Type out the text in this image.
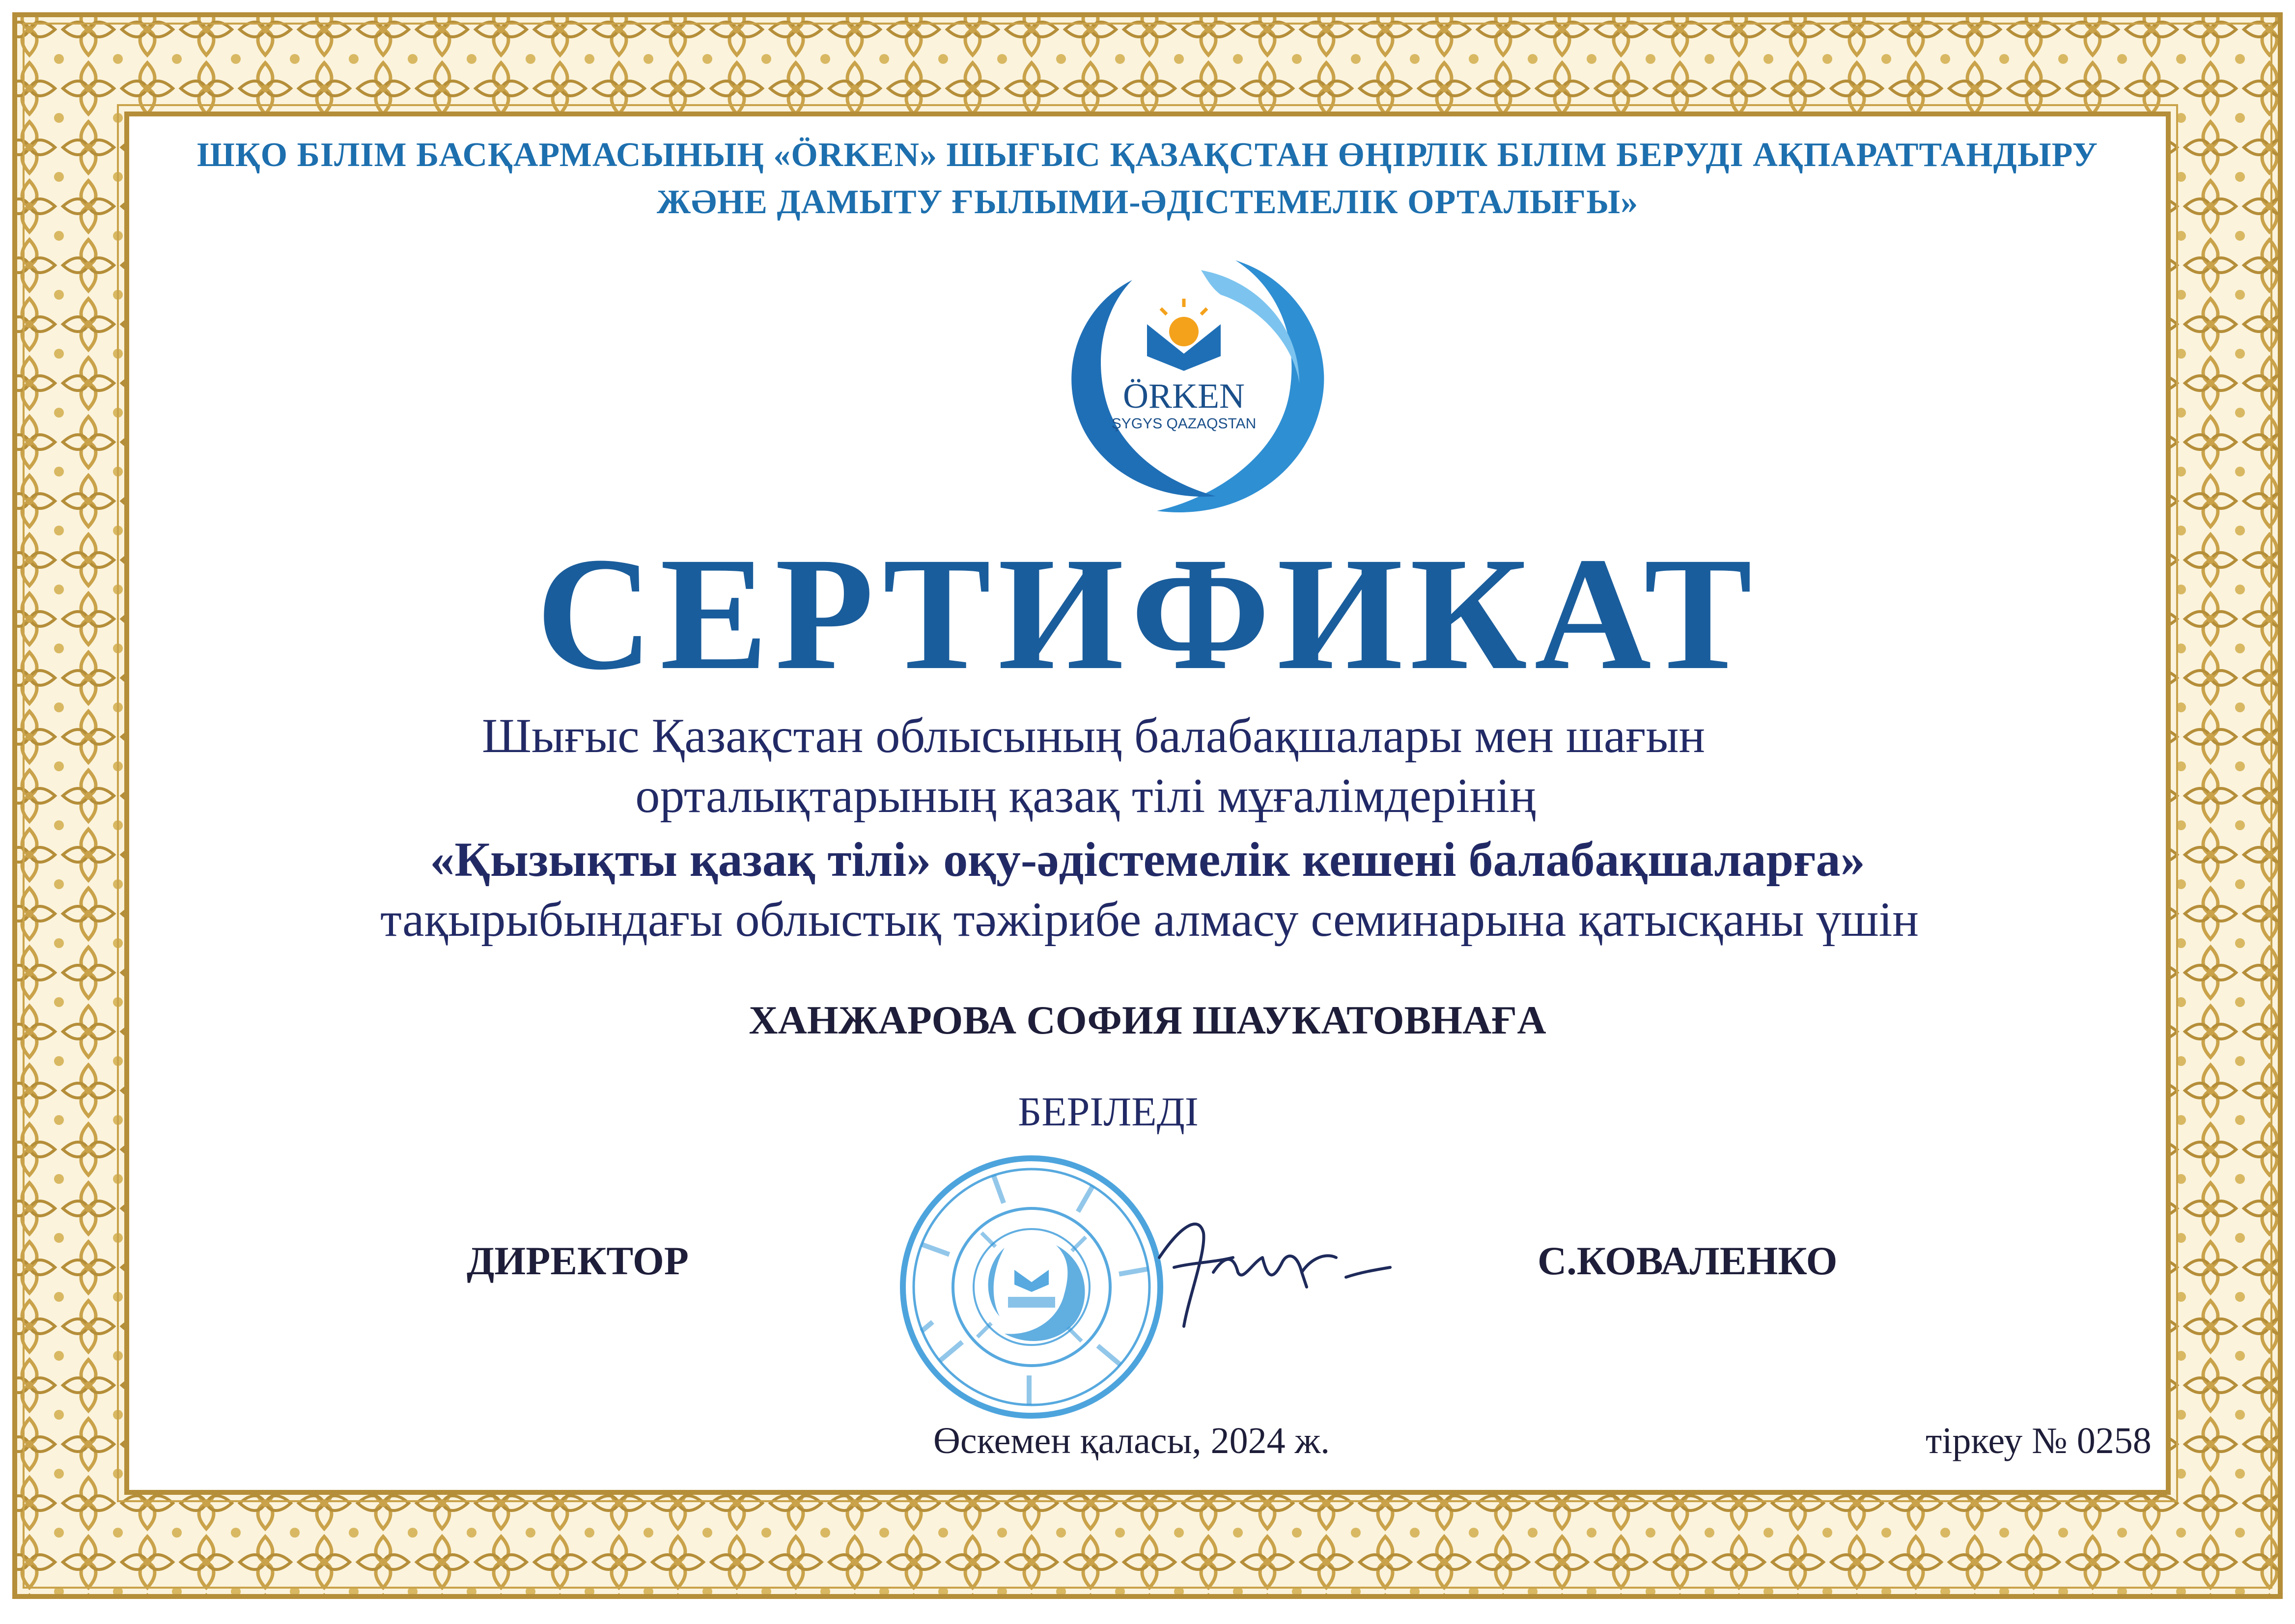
ШҚО БІЛІМ БАСҚАРМАСЫНЫҢ «ÖRKEN» ШЫҒЫС ҚАЗАҚСТАН ӨҢІРЛІК БІЛІМ БЕРУДІ АҚПАРАТТАНДЫРУ
ЖӘНЕ ДАМЫТУ ҒЫЛЫМИ-ӘДІСТЕМЕЛІК ОРТАЛЫҒЫ»
ÖRKEN
ŞYGYS QAZAQSTAN
СЕРТИФИКАТ
Шығыс Қазақстан облысының балабақшалары мен шағын
орталықтарының қазақ тілі мұғалімдерінің
«Қызықты қазақ тілі» оқу-әдістемелік кешені балабақшаларға»
тақырыбындағы облыстық тәжірибе алмасу семинарына қатысқаны үшін
ХАНЖАРОВА СОФИЯ ШАУКАТОВНАҒА
БЕРІЛЕДІ
ДИРЕКТОР	С.КОВАЛЕНКО
Өскемен қаласы, 2024 ж.	тіркеу № 0258
